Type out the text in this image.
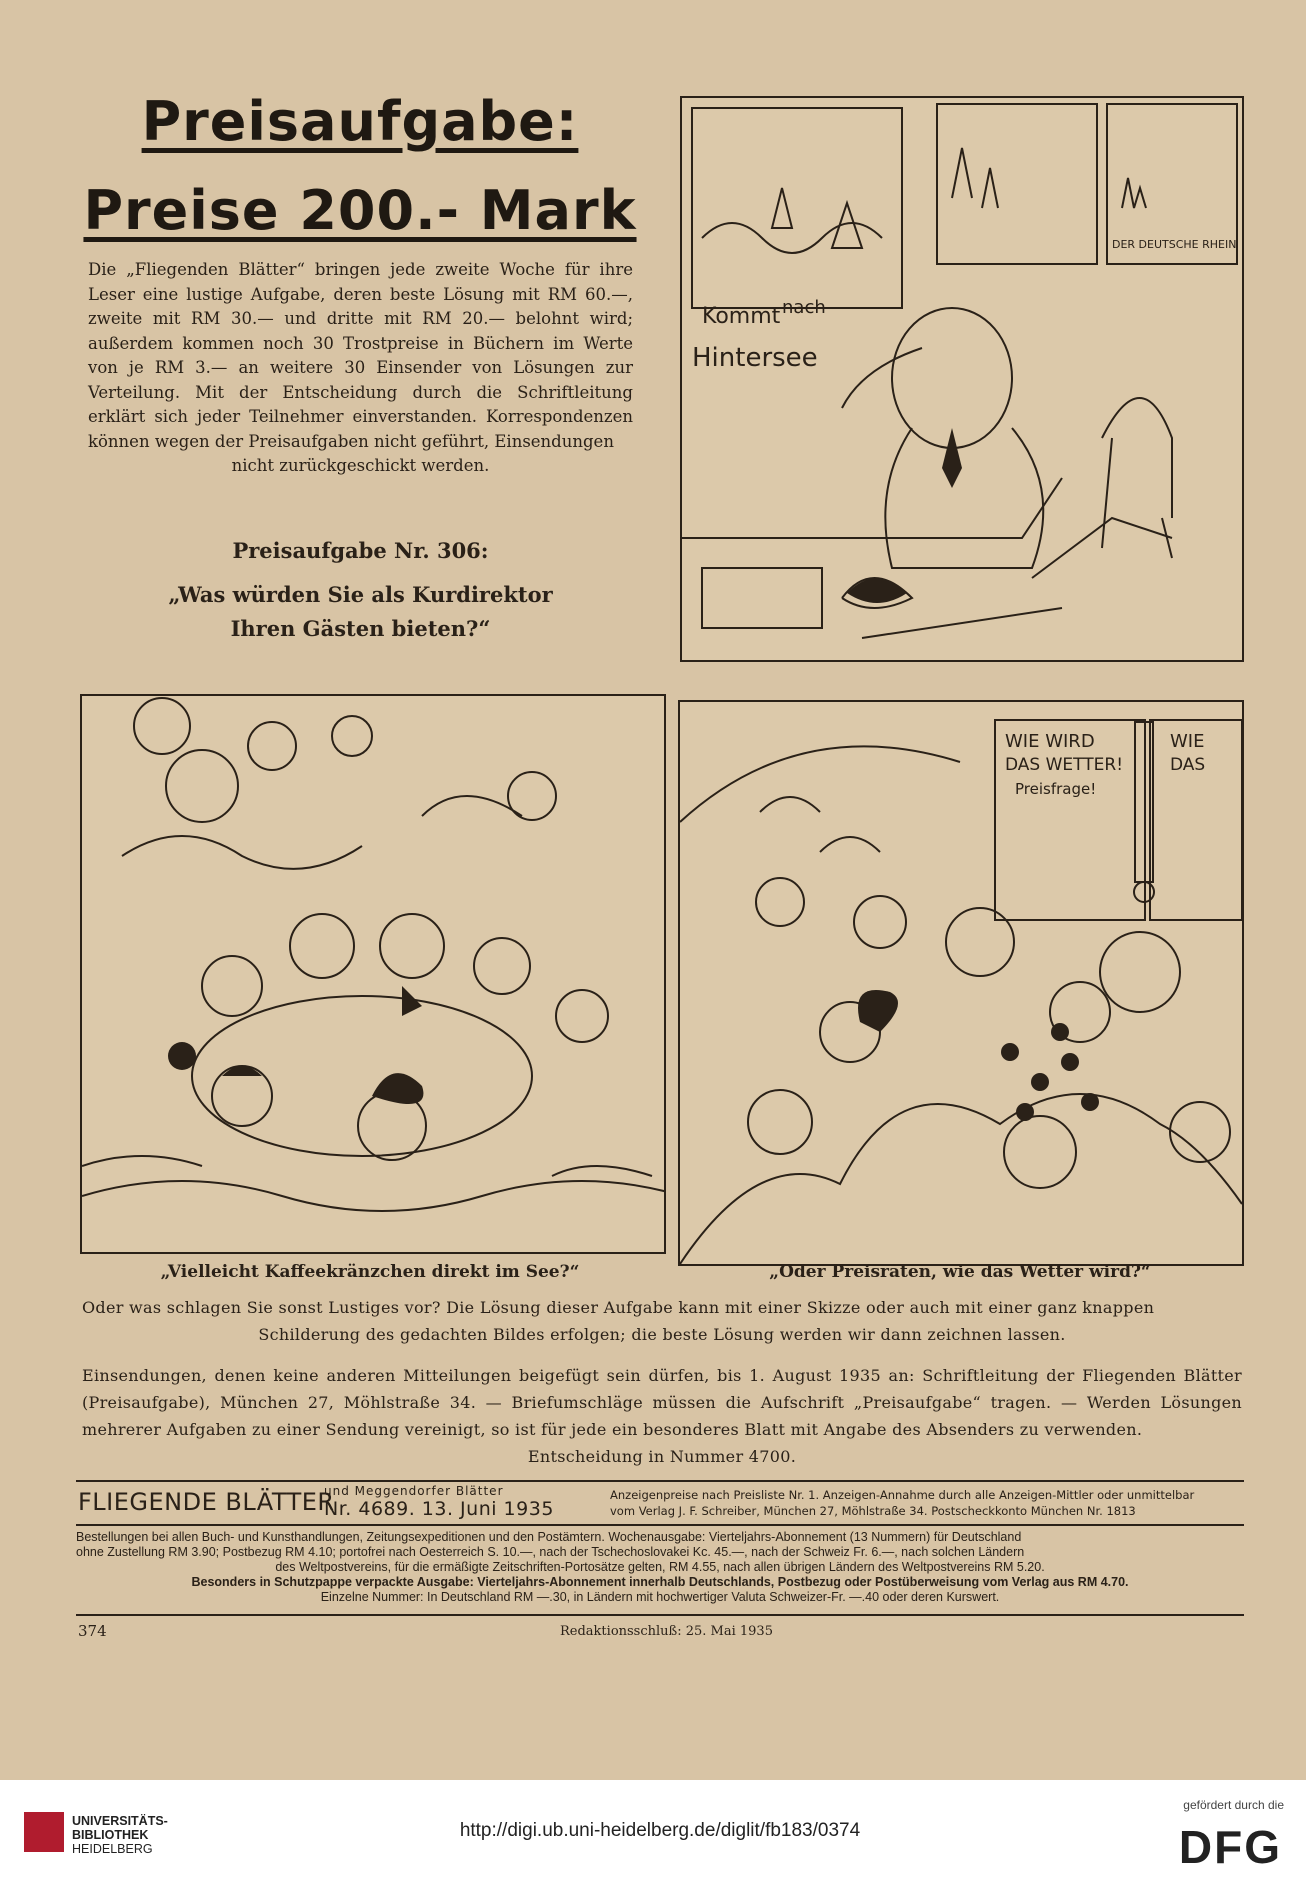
Preisaufgabe:
Preise 200.- Mark
Die „Fliegenden Blätter“ bringen jede zweite Woche für ihre Leser eine lustige Aufgabe, deren beste Lösung mit RM 60.—, zweite mit RM 30.— und dritte mit RM 20.— belohnt wird; außerdem kommen noch 30 Trostpreise in Büchern im Werte von je RM 3.— an weitere 30 Einsender von Lösungen zur Verteilung. Mit der Entscheidung durch die Schriftleitung erklärt sich jeder Teilnehmer einverstanden. Korrespondenzen können wegen der Preisaufgaben nicht geführt, Einsendungen
nicht zurückgeschickt werden.
Preisaufgabe Nr. 306:
„Was würden Sie als Kurdirektor
Ihren Gästen bieten?“
Kommt nach
Hintersee
DER DEUTSCHE RHEIN
WIE WIRD
DAS WETTER!
Preisfrage!
WIE
DAS
„Vielleicht Kaffeekränzchen direkt im See?“	„Oder Preisraten, wie das Wetter wird?“
Oder was schlagen Sie sonst Lustiges vor? Die Lösung dieser Aufgabe kann mit einer Skizze oder auch mit einer ganz knappen
Schilderung des gedachten Bildes erfolgen; die beste Lösung werden wir dann zeichnen lassen.
Einsendungen, denen keine anderen Mitteilungen beigefügt sein dürfen, bis 1. August 1935 an: Schriftleitung der Fliegenden Blätter (Preisaufgabe), München 27, Möhlstraße 34. — Briefumschläge müssen die Aufschrift „Preisaufgabe“ tragen. — Werden Lösungen mehrerer Aufgaben zu einer Sendung vereinigt, so ist für jede ein besonderes Blatt mit Angabe des Absenders zu verwenden.
Entscheidung in Nummer 4700.
FLIEGENDE BLÄTTER
und Meggendorfer Blätter
Nr. 4689. 13. Juni 1935
Anzeigenpreise nach Preisliste Nr. 1. Anzeigen-Annahme durch alle Anzeigen-Mittler oder unmittelbar
vom Verlag J. F. Schreiber, München 27, Möhlstraße 34. Postscheckkonto München Nr. 1813
Bestellungen bei allen Buch- und Kunsthandlungen, Zeitungsexpeditionen und den Postämtern. Wochenausgabe: Vierteljahrs-Abonnement (13 Nummern) für Deutschland
ohne Zustellung RM 3.90; Postbezug RM 4.10; portofrei nach Oesterreich S. 10.—, nach der Tschechoslovakei Kc. 45.—, nach der Schweiz Fr. 6.—, nach solchen Ländern
des Weltpostvereins, für die ermäßigte Zeitschriften-Portosätze gelten, RM 4.55, nach allen übrigen Ländern des Weltpostvereins RM 5.20.
Besonders in Schutzpappe verpackte Ausgabe: Vierteljahrs-Abonnement innerhalb Deutschlands, Postbezug oder Postüberweisung vom Verlag aus RM 4.70.
Einzelne Nummer: In Deutschland RM —.30, in Ländern mit hochwertiger Valuta Schweizer-Fr. —.40 oder deren Kurswert.
374	Redaktionsschluß: 25. Mai 1935
UNIVERSITÄTS-
BIBLIOTHEK
HEIDELBERG
http://digi.ub.uni-heidelberg.de/diglit/fb183/0374
gefördert durch die
DFG
